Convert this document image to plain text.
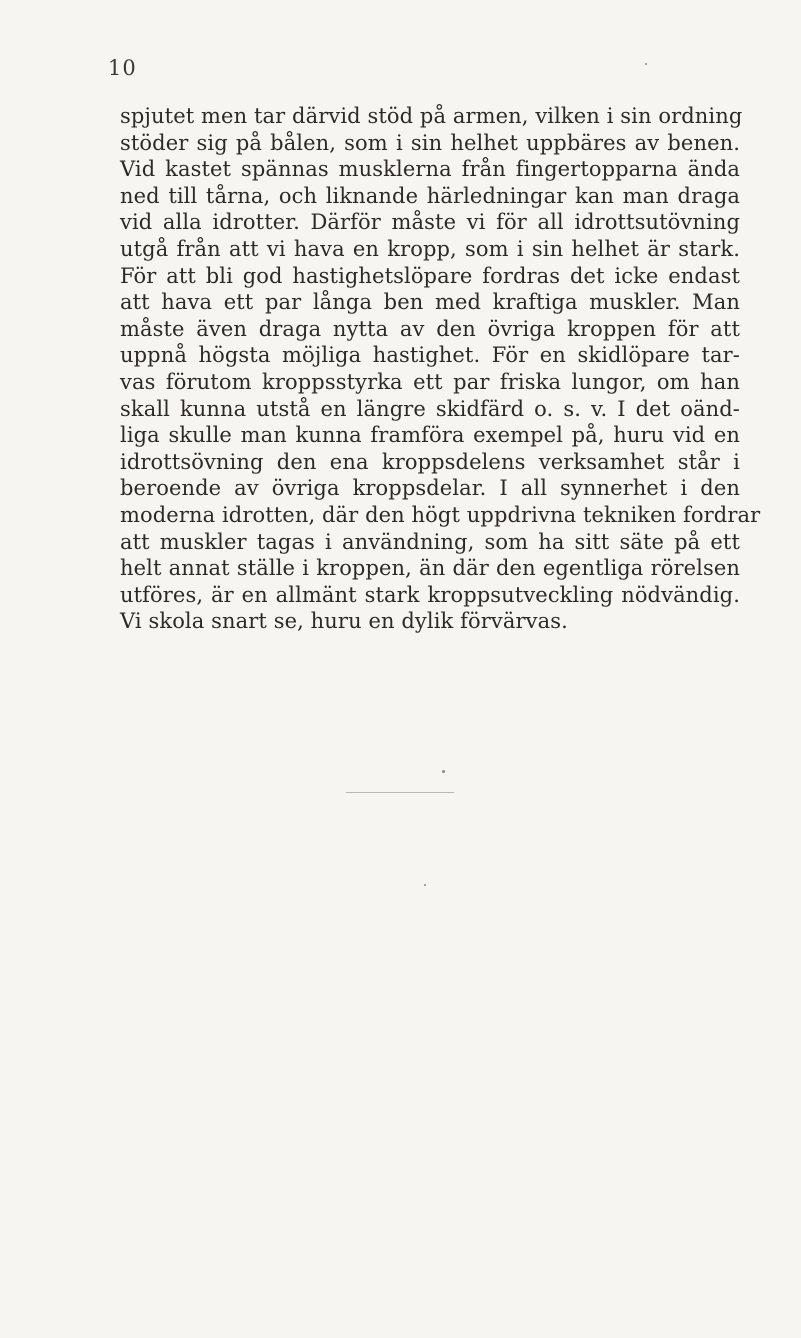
10
spjutet men tar därvid stöd på armen, vilken i sin ordning
stöder sig på bålen, som i sin helhet uppbäres av benen.
Vid kastet spännas musklerna från fingertopparna ända
ned till tårna, och liknande härledningar kan man draga
vid alla idrotter. Därför måste vi för all idrottsutövning
utgå från att vi hava en kropp, som i sin helhet är stark.
För att bli god hastighetslöpare fordras det icke endast
att hava ett par långa ben med kraftiga muskler. Man
måste även draga nytta av den övriga kroppen för att
uppnå högsta möjliga hastighet. För en skidlöpare tar-
vas förutom kroppsstyrka ett par friska lungor, om han
skall kunna utstå en längre skidfärd o. s. v. I det oänd-
liga skulle man kunna framföra exempel på, huru vid en
idrottsövning den ena kroppsdelens verksamhet står i
beroende av övriga kroppsdelar. I all synnerhet i den
moderna idrotten, där den högt uppdrivna tekniken fordrar
att muskler tagas i användning, som ha sitt säte på ett
helt annat ställe i kroppen, än där den egentliga rörelsen
utföres, är en allmänt stark kroppsutveckling nödvändig.
Vi skola snart se, huru en dylik förvärvas.
